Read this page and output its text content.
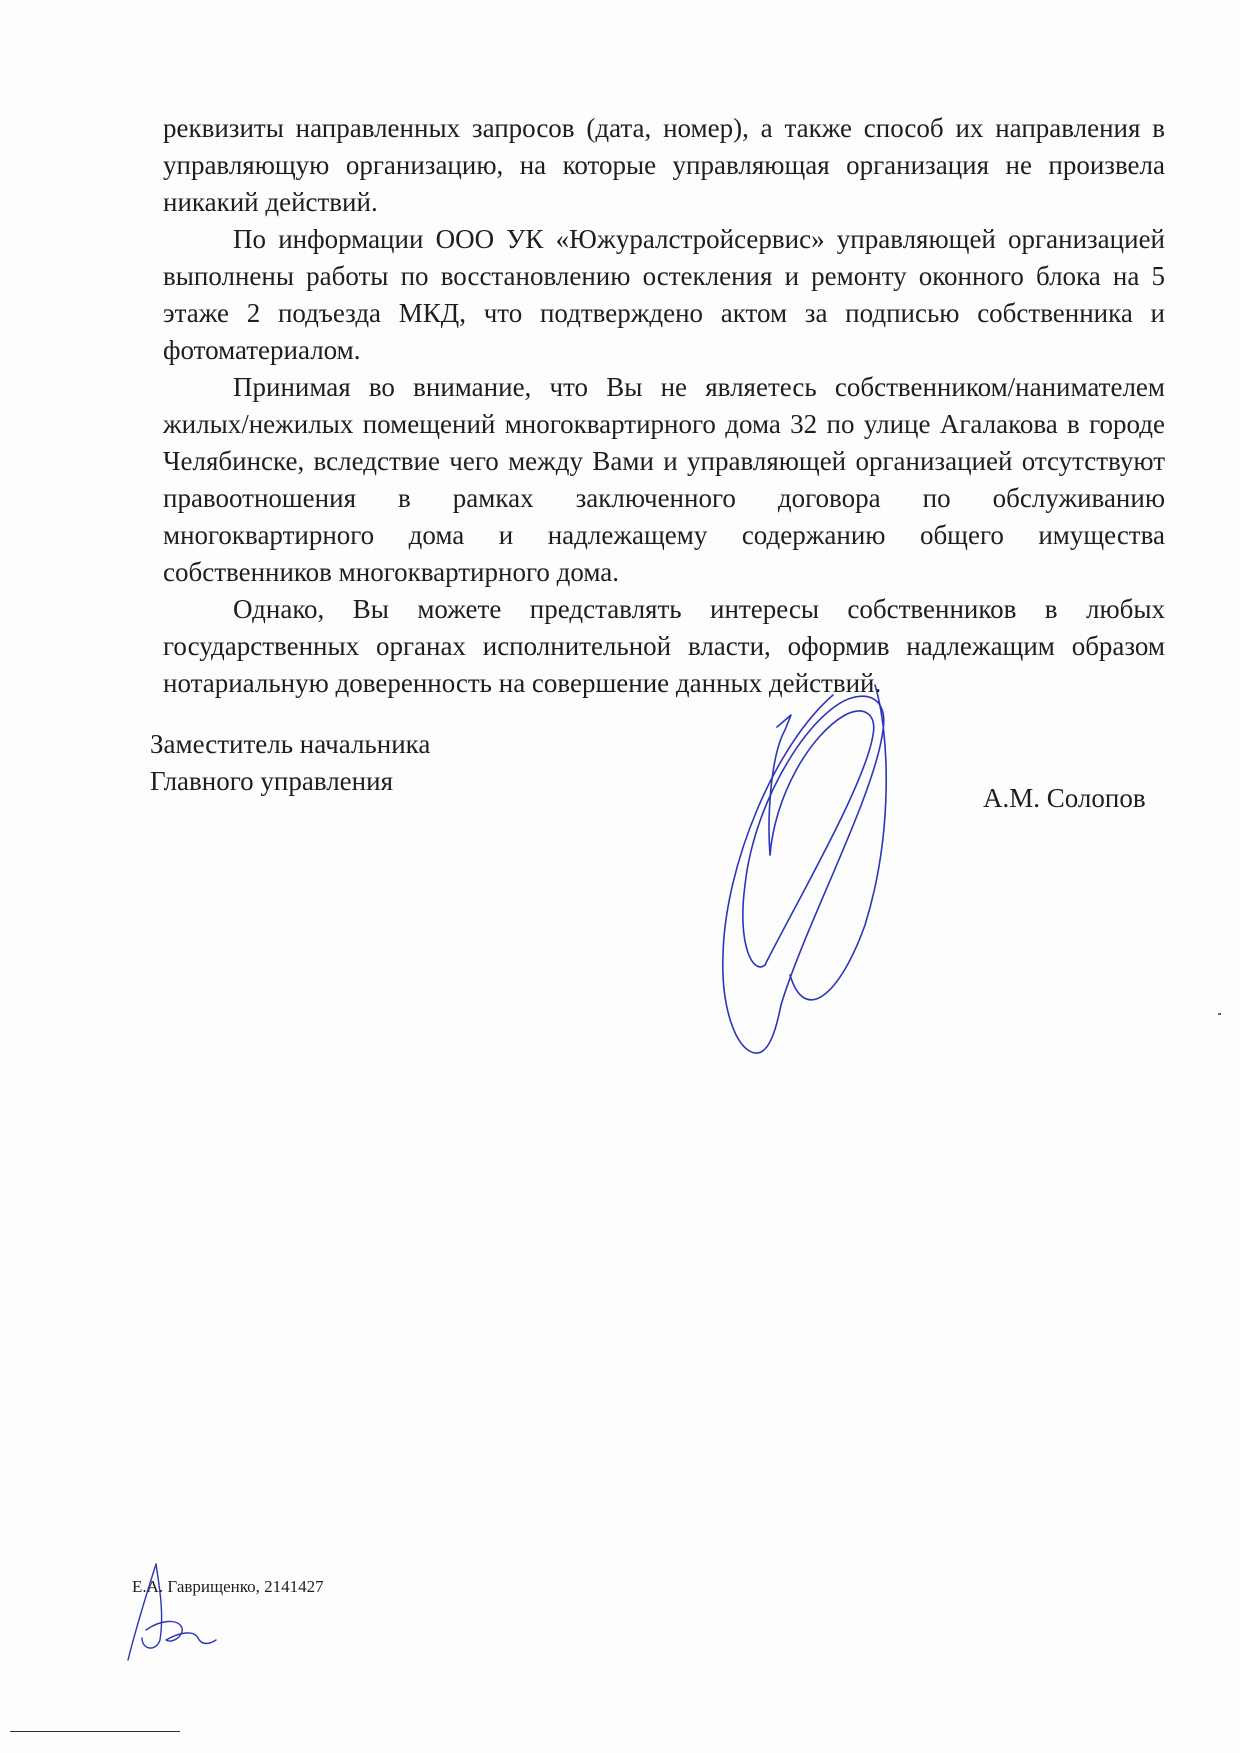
реквизиты направленных запросов (дата, номер), а также способ их направления в управляющую организацию, на которые управляющая организация не произвела никакий действий.

По информации ООО УК «Южуралстройсервис» управляющей организацией выполнены работы по восстановлению остекления и ремонту оконного блока на 5 этаже 2 подъезда МКД, что подтверждено актом за подписью собственника и фотоматериалом.

Принимая во внимание, что Вы не являетесь собственником/нанимателем жилых/нежилых помещений многоквартирного дома 32 по улице Агалакова в городе Челябинске, вследствие чего между Вами и управляющей организацией отсутствуют правоотношения в рамках заключенного договора по обслуживанию многоквартирного дома и надлежащему содержанию общего имущества собственников многоквартирного дома.

Однако, Вы можете представлять интересы собственников в любых государственных органах исполнительной власти, оформив надлежащим образом нотариальную доверенность на совершение данных действий.

Заместитель начальника
Главного управления
А.М. Солопов
Е.А. Гаврищенко, 2141427
